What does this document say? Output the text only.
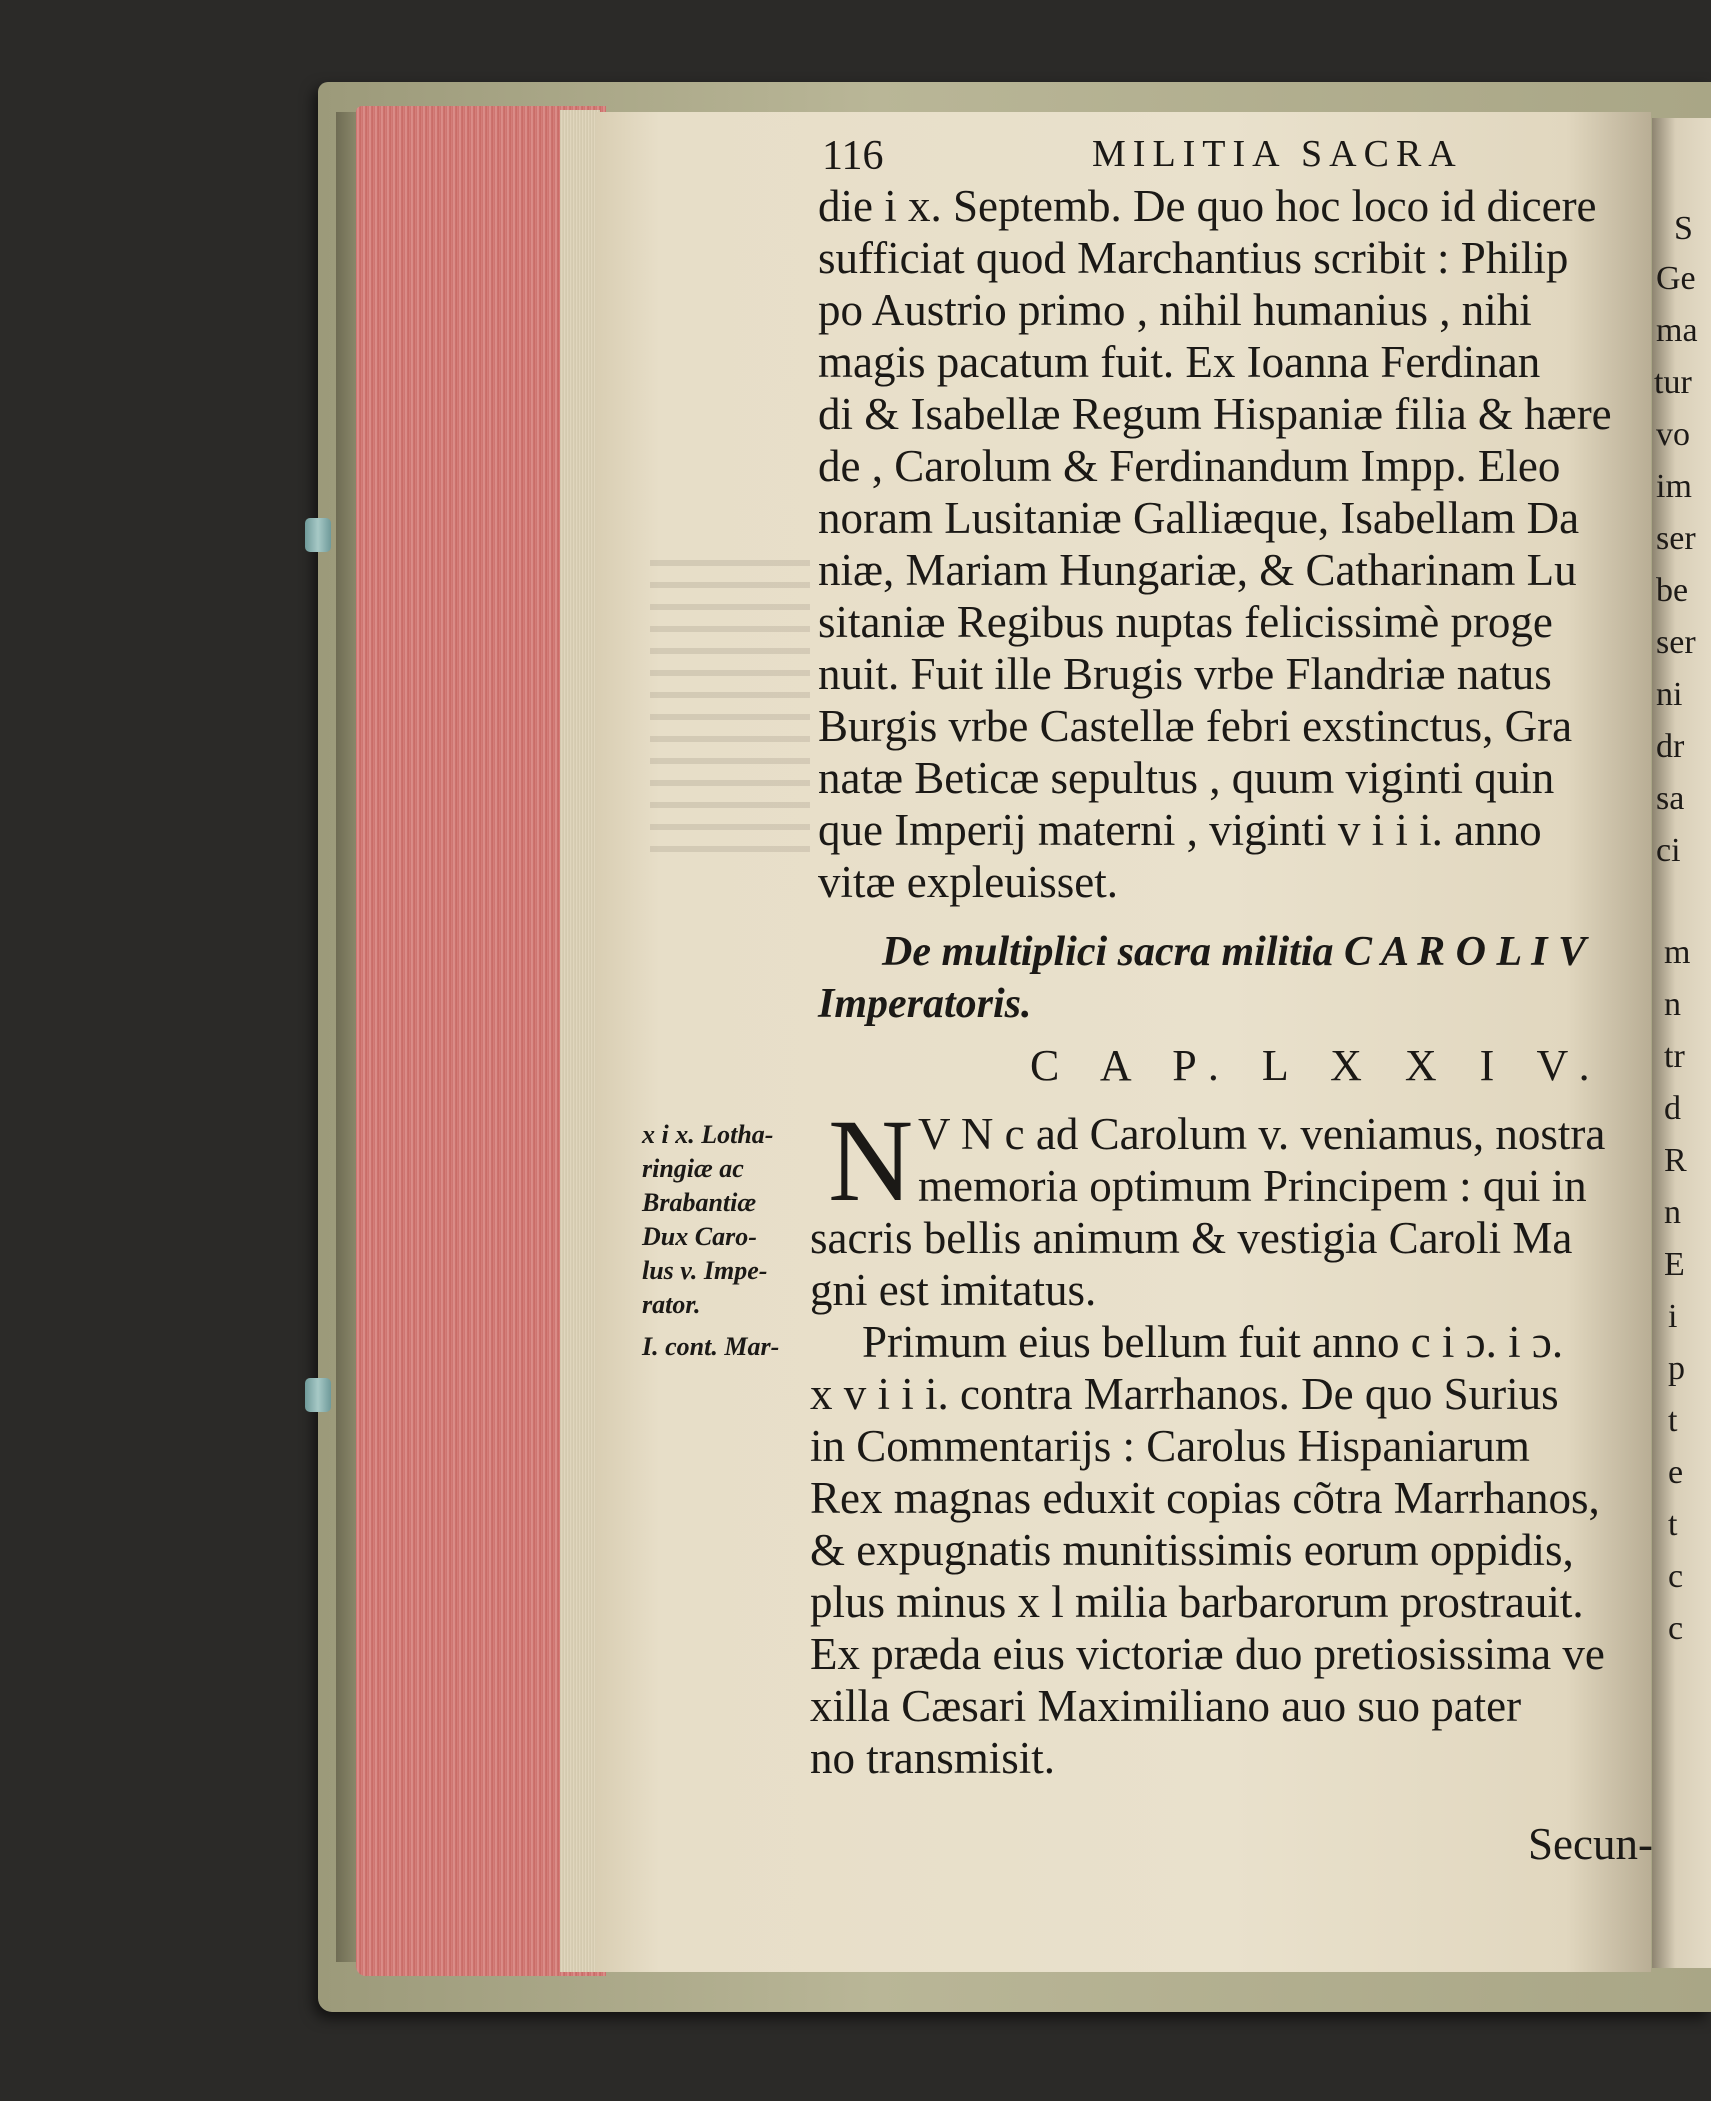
S
Ge
ma
tur
vo
im
ser
be
ser
ni
dr
sa
ci
m
n
tr
d
R
n
E
i
p
t
e
t
c
c
116	MILITIA SACRA
die i x. Septemb. De quo hoc loco id dicere
sufficiat quod Marchantius scribit : Philip
po Austrio primo , nihil humanius , nihi
magis pacatum fuit. Ex Ioanna Ferdinan
di & Isabellæ Regum Hispaniæ filia & hære
de , Carolum & Ferdinandum Impp. Eleo
noram Lusitaniæ Galliæque, Isabellam Da
niæ, Mariam Hungariæ, & Catharinam Lu
sitaniæ Regibus nuptas felicissimè proge
nuit. Fuit ille Brugis vrbe Flandriæ natus
Burgis vrbe Castellæ febri exstinctus, Gra
natæ Beticæ sepultus , quum viginti quin
que Imperij materni , viginti v i i i. anno
vitæ expleuisset.
De multiplici sacra militia C A R O L I V
Imperatoris.
C A P. L X X I V.
N V N c ad Carolum v. veniamus, nostra
memoria optimum Principem : qui in
sacris bellis animum & vestigia Caroli Ma
gni est imitatus.
Primum eius bellum fuit anno c i ɔ. i ɔ.
x v i i i. contra Marrhanos. De quo Surius
in Commentarijs : Carolus Hispaniarum
Rex magnas eduxit copias cõtra Marrhanos,
& expugnatis munitissimis eorum oppidis,
plus minus x l milia barbarorum prostrauit.
Ex præda eius victoriæ duo pretiosissima ve
xilla Cæsari Maximiliano auo suo pater
no transmisit.
x i x. Lotha-
ringiæ ac
Brabantiæ
Dux Caro-
lus v. Impe-
rator.
I. cont. Mar-
Secun-
